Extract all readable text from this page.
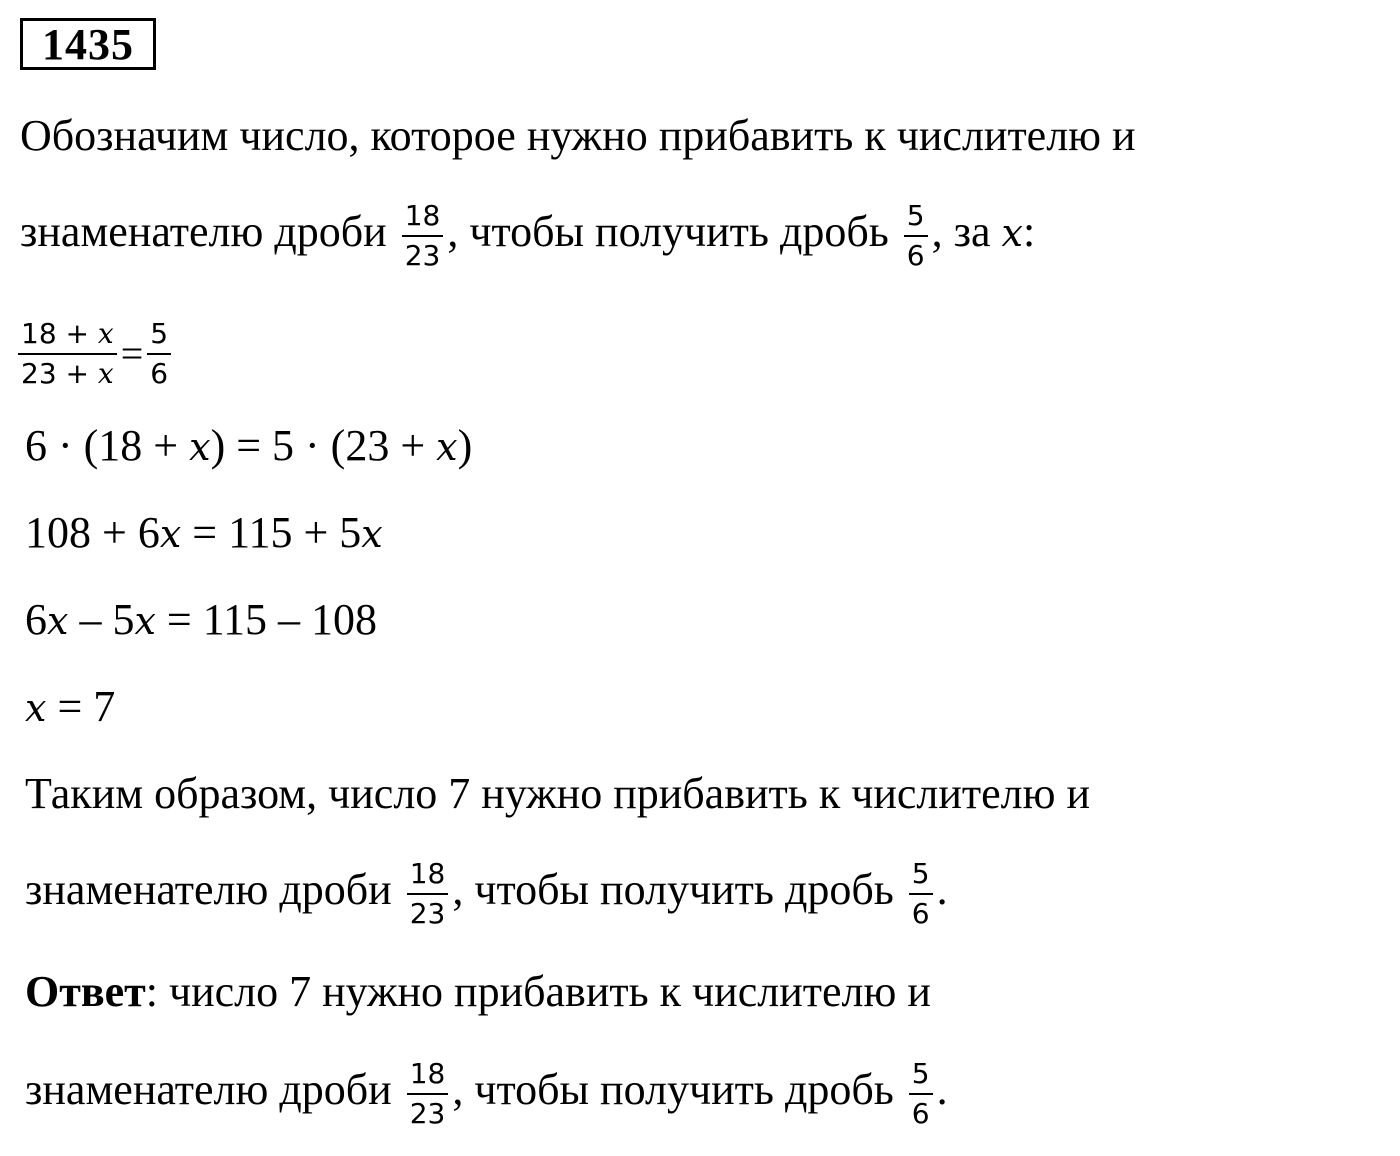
1435
Обозначим число, которое нужно прибавить к числителю и
знаменателю дроби $\frac{18}{23}$ , чтобы получить дробь $\frac{5}{6}$ , за x:
$\frac{18 + x}{23 + x} = \frac{5}{6}$
6 · (18 + x) = 5 · (23 + x)
108 + 6x = 115 + 5x
6x – 5x = 115 – 108
x = 7
Таким образом, число 7 нужно прибавить к числителю и
знаменателю дроби $\frac{18}{23}$ , чтобы получить дробь $\frac{5}{6}$ .
Ответ: число 7 нужно прибавить к числителю и
знаменателю дроби $\frac{18}{23}$ , чтобы получить дробь $\frac{5}{6}$ .
